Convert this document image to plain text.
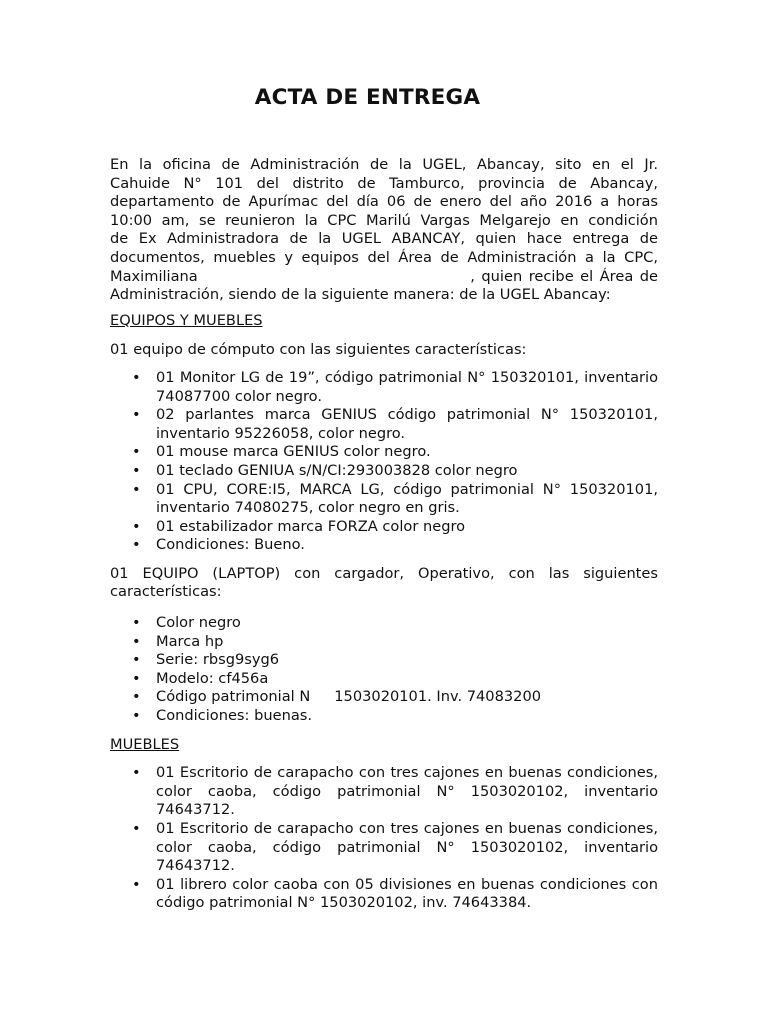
ACTA DE ENTREGA

En la oficina de Administración de la UGEL, Abancay, sito en el Jr.

Cahuide N° 101 del distrito de Tamburco, provincia de Abancay,

departamento de Apurímac del día 06 de enero del año 2016 a horas

10:00 am, se reunieron la CPC Marilú Vargas Melgarejo en condición

de Ex Administradora de la UGEL ABANCAY, quien hace entrega de

documentos, muebles y equipos del Área de Administración a la CPC,

Maximiliana                                          , quien recibe el Área de

Administración, siendo de la siguiente manera: de la UGEL Abancay:

EQUIPOS Y MUEBLES

01 equipo de cómputo con las siguientes características:

• 01 Monitor LG de 19”, código patrimonial N° 150320101, inventario 74087700 color negro.
• 02 parlantes marca GENIUS código patrimonial N° 150320101, inventario 95226058, color negro.
• 01 mouse marca GENIUS color negro.
• 01 teclado GENIUA s/N/CI:293003828 color negro
• 01 CPU, CORE:I5, MARCA LG, código patrimonial N° 150320101, inventario 74080275, color negro en gris.
• 01 estabilizador marca FORZA color negro
• Condiciones: Bueno.

01 EQUIPO (LAPTOP) con cargador, Operativo, con las siguientes características:

• Color negro
• Marca hp
• Serie: rbsg9syg6
• Modelo: cf456a
• Código patrimonial N 1503020101. Inv. 74083200
• Condiciones: buenas.

MUEBLES

• 01 Escritorio de carapacho con tres cajones en buenas condiciones, color caoba, código patrimonial N° 1503020102, inventario 74643712.
• 01 Escritorio de carapacho con tres cajones en buenas condiciones, color caoba, código patrimonial N° 1503020102, inventario 74643712.
• 01 librero color caoba con 05 divisiones en buenas condiciones con código patrimonial N° 1503020102, inv. 74643384.
